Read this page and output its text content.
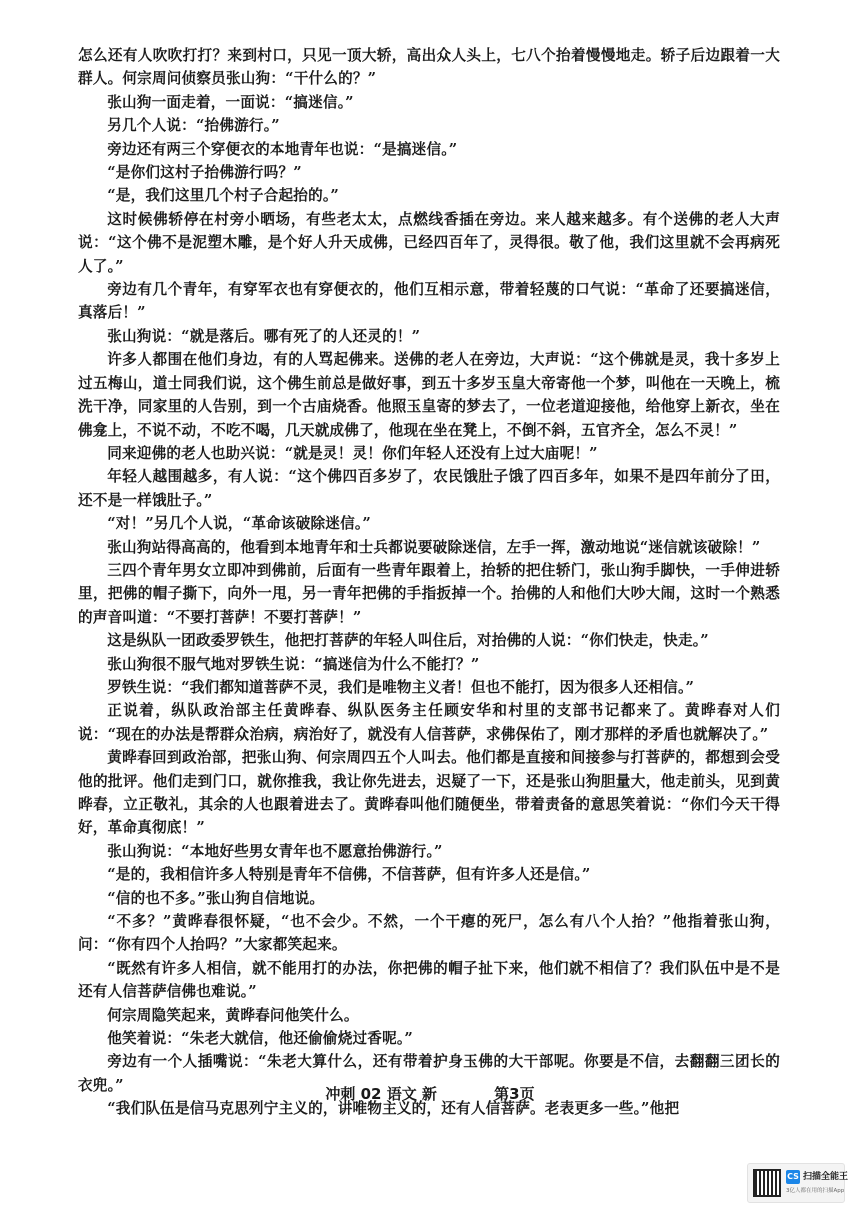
怎么还有人吹吹打打？来到村口，只见一顶大轿，高出众人头上，七八个抬着慢慢地走。轿子后边跟着一大群人。何宗周问侦察员张山狗：“干什么的？”

张山狗一面走着，一面说：“搞迷信。”

另几个人说：“抬佛游行。”

旁边还有两三个穿便衣的本地青年也说：“是搞迷信。”

“是你们这村子抬佛游行吗？”

“是，我们这里几个村子合起抬的。”

这时候佛轿停在村旁小晒场，有些老太太，点燃线香插在旁边。来人越来越多。有个送佛的老人大声说：“这个佛不是泥塑木雕，是个好人升天成佛，已经四百年了，灵得很。敬了他，我们这里就不会再病死人了。”

旁边有几个青年，有穿军衣也有穿便衣的，他们互相示意，带着轻蔑的口气说：“革命了还要搞迷信，真落后！”

张山狗说：“就是落后。哪有死了的人还灵的！”

许多人都围在他们身边，有的人骂起佛来。送佛的老人在旁边，大声说：“这个佛就是灵，我十多岁上过五梅山，道士同我们说，这个佛生前总是做好事，到五十多岁玉皇大帝寄他一个梦，叫他在一天晚上，梳洗干净，同家里的人告别，到一个古庙烧香。他照玉皇寄的梦去了，一位老道迎接他，给他穿上新衣，坐在佛龛上，不说不动，不吃不喝，几天就成佛了，他现在坐在凳上，不倒不斜，五官齐全，怎么不灵！”

同来迎佛的老人也助兴说：“就是灵！灵！你们年轻人还没有上过大庙呢！”

年轻人越围越多，有人说：“这个佛四百多岁了，农民饿肚子饿了四百多年，如果不是四年前分了田，还不是一样饿肚子。”

“对！”另几个人说，“革命该破除迷信。”

张山狗站得高高的，他看到本地青年和士兵都说要破除迷信，左手一挥，激动地说“迷信就该破除！”

三四个青年男女立即冲到佛前，后面有一些青年跟着上，抬轿的把住轿门，张山狗手脚快，一手伸进轿里，把佛的帽子撕下，向外一甩，另一青年把佛的手指扳掉一个。抬佛的人和他们大吵大闹，这时一个熟悉的声音叫道：“不要打菩萨！不要打菩萨！”

这是纵队一团政委罗铁生，他把打菩萨的年轻人叫住后，对抬佛的人说：“你们快走，快走。”

张山狗很不服气地对罗铁生说：“搞迷信为什么不能打？”

罗铁生说：“我们都知道菩萨不灵，我们是唯物主义者！但也不能打，因为很多人还相信。”

正说着，纵队政治部主任黄晔春、纵队医务主任顾安华和村里的支部书记都来了。黄晔春对人们说：“现在的办法是帮群众治病，病治好了，就没有人信菩萨，求佛保佑了，刚才那样的矛盾也就解决了。”

黄晔春回到政治部，把张山狗、何宗周四五个人叫去。他们都是直接和间接参与打菩萨的，都想到会受他的批评。他们走到门口，就你推我，我让你先进去，迟疑了一下，还是张山狗胆量大，他走前头，见到黄晔春，立正敬礼，其余的人也跟着进去了。黄晔春叫他们随便坐，带着责备的意思笑着说：“你们今天干得好，革命真彻底！”

张山狗说：“本地好些男女青年也不愿意抬佛游行。”

“是的，我相信许多人特别是青年不信佛，不信菩萨，但有许多人还是信。”

“信的也不多。”张山狗自信地说。

“不多？”黄晔春很怀疑，“也不会少。不然，一个干瘪的死尸，怎么有八个人抬？”他指着张山狗，问：“你有四个人抬吗？”大家都笑起来。

“既然有许多人相信，就不能用打的办法，你把佛的帽子扯下来，他们就不相信了？我们队伍中是不是还有人信菩萨信佛也难说。”

何宗周隐笑起来，黄晔春问他笑什么。

他笑着说：“朱老大就信，他还偷偷烧过香呢。”

旁边有一个人插嘴说：“朱老大算什么，还有带着护身玉佛的大干部呢。你要是不信，去翻翻三团长的衣兜。”

“我们队伍是信马克思列宁主义的，讲唯物主义的，还有人信菩萨。老表更多一些。”他把

冲刺 02 语文 新	第3页
CS 扫描全能王
3亿人都在用的扫描App
